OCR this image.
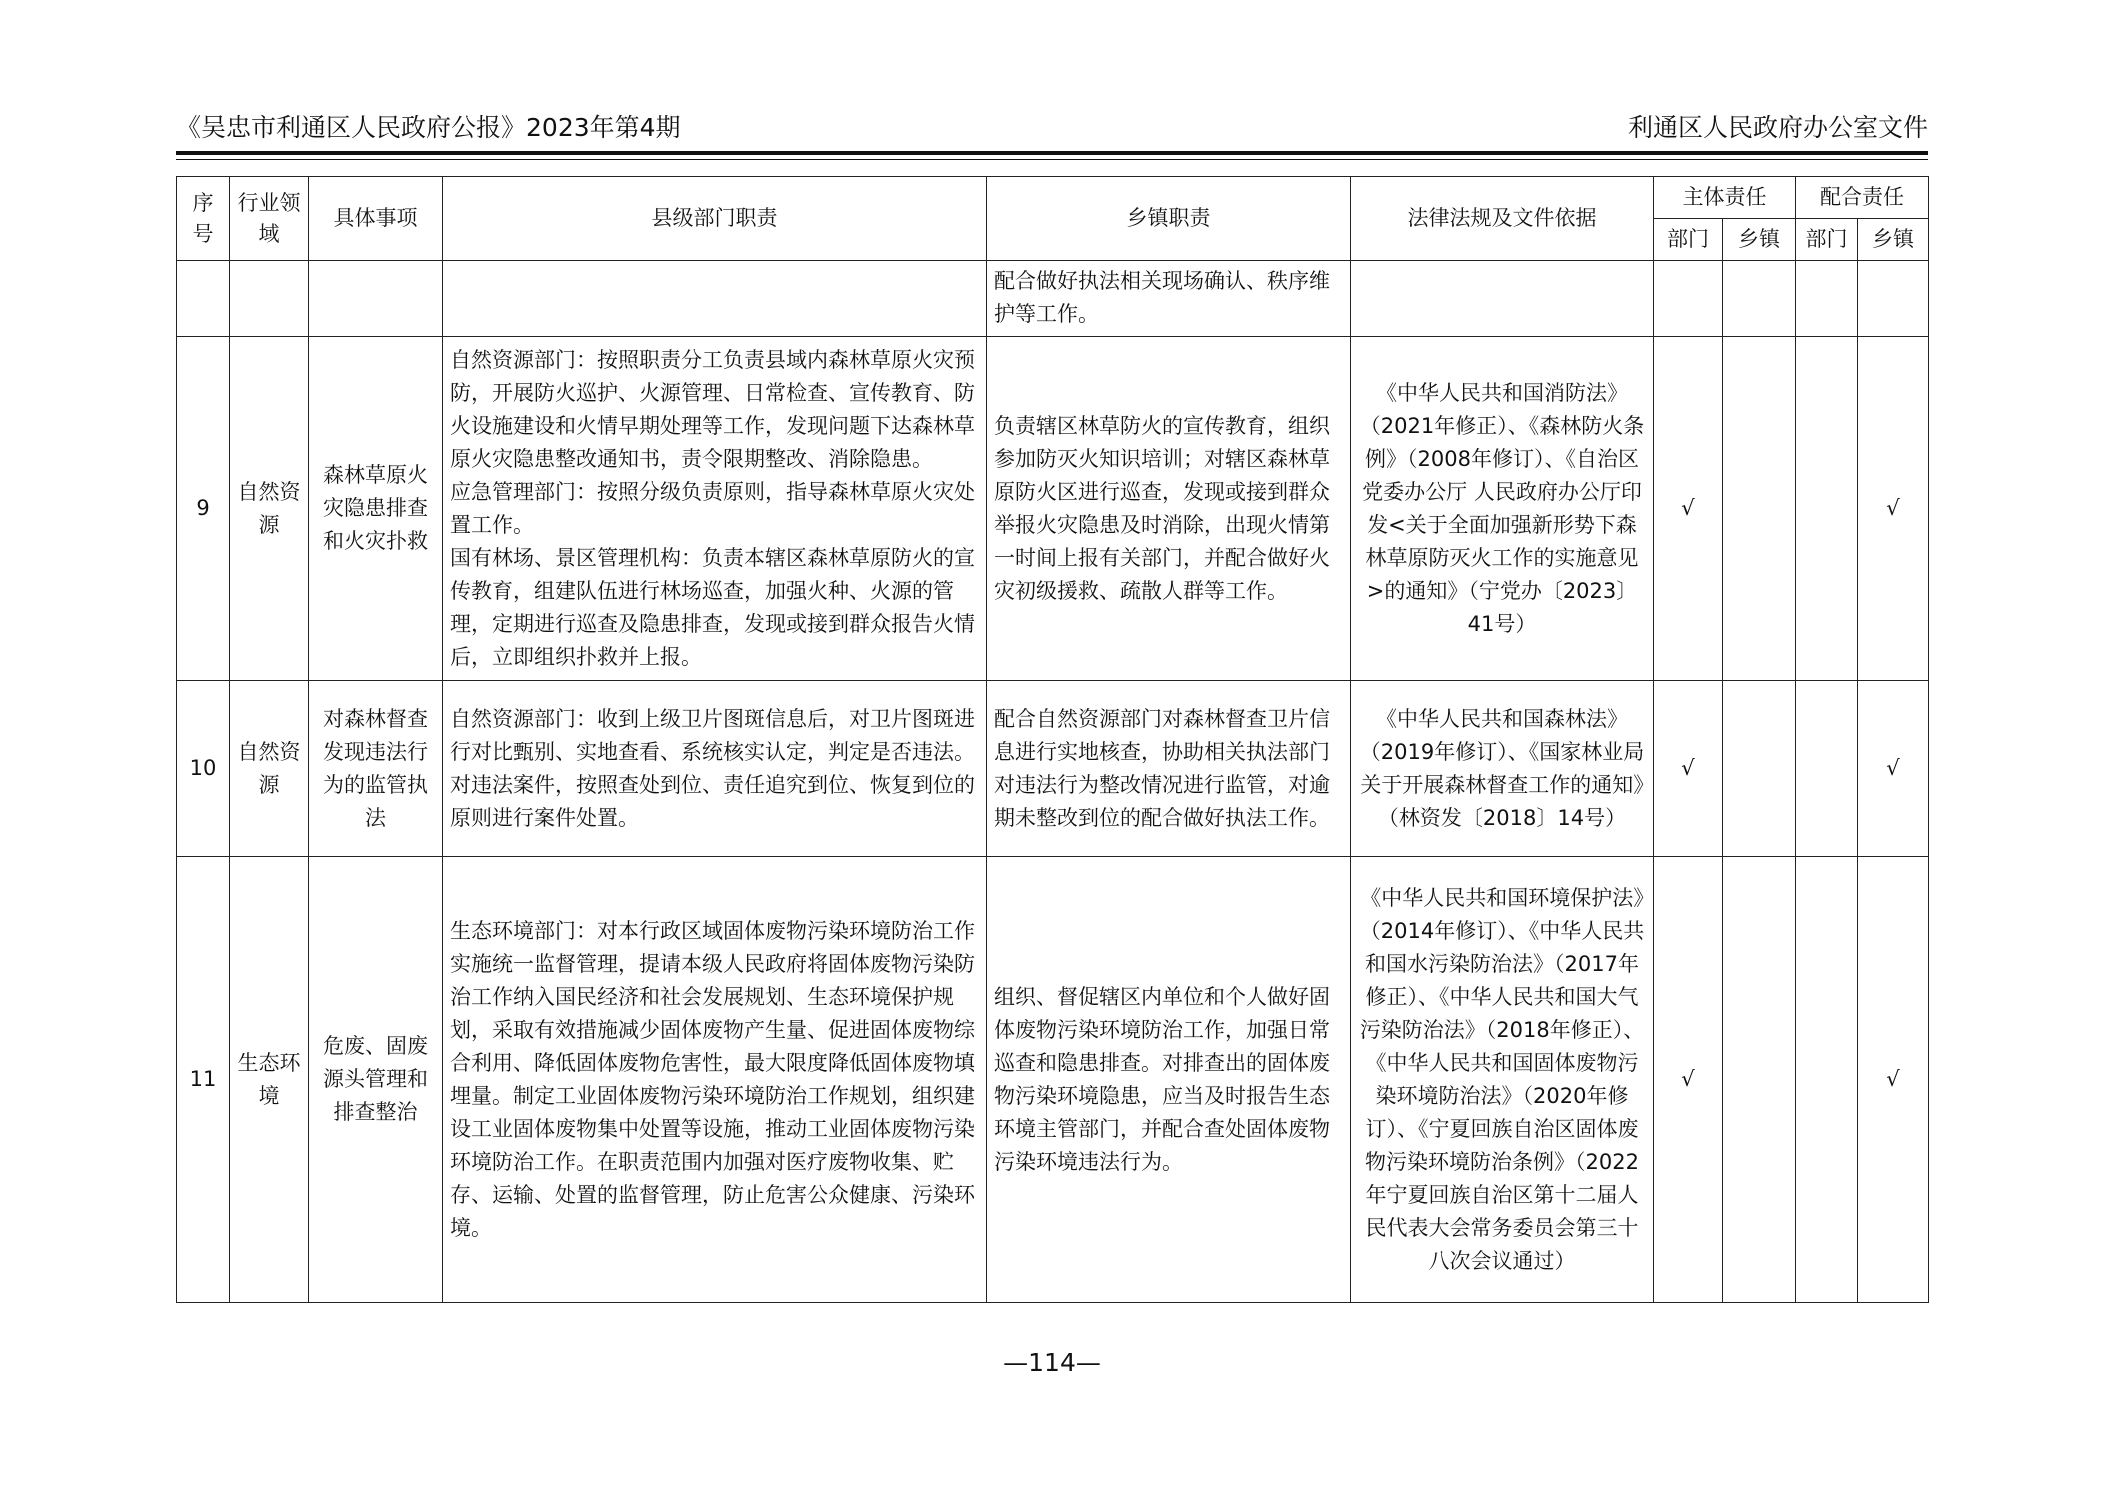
《吴忠市利通区人民政府公报》2023年第4期	利通区人民政府办公室文件
序号	行业领域	具体事项	县级部门职责	乡镇职责	法律法规及文件依据	主体责任		配合责任	
						部门	乡镇	部门	乡镇

				配合做好执法相关现场确认、秩序维护等工作。					

9	自然资源	森林草原火灾隐患排查和火灾扑救	自然资源部门：按照职责分工负责县域内森林草原火灾预防，开展防火巡护、火源管理、日常检查、宣传教育、防火设施建设和火情早期处理等工作，发现问题下达森林草原火灾隐患整改通知书，责令限期整改、消除隐患。
应急管理部门：按照分级负责原则，指导森林草原火灾处置工作。
国有林场、景区管理机构：负责本辖区森林草原防火的宣传教育，组建队伍进行林场巡查，加强火种、火源的管理，定期进行巡查及隐患排查，发现或接到群众报告火情后，立即组织扑救并上报。	负责辖区林草防火的宣传教育，组织参加防灭火知识培训；对辖区森林草原防火区进行巡查，发现或接到群众举报火灾隐患及时消除，出现火情第一时间上报有关部门，并配合做好火灾初级援救、疏散人群等工作。	《中华人民共和国消防法》（2021年修正）、《森林防火条例》（2008年修订）、《自治区党委办公厅 人民政府办公厅印发<关于全面加强新形势下森林草原防灭火工作的实施意见>的通知》（宁党办〔2023〕41号）	√			√
10	自然资源	对森林督查发现违法行为的监管执法	自然资源部门：收到上级卫片图斑信息后，对卫片图斑进行对比甄别、实地查看、系统核实认定，判定是否违法。对违法案件，按照查处到位、责任追究到位、恢复到位的原则进行案件处置。	配合自然资源部门对森林督查卫片信息进行实地核查，协助相关执法部门对违法行为整改情况进行监管，对逾期未整改到位的配合做好执法工作。	《中华人民共和国森林法》（2019年修订）、《国家林业局关于开展森林督查工作的通知》（林资发〔2018〕14号）	√			√
11	生态环境	危废、固废源头管理和排查整治	生态环境部门：对本行政区域固体废物污染环境防治工作实施统一监督管理，提请本级人民政府将固体废物污染防治工作纳入国民经济和社会发展规划、生态环境保护规划，采取有效措施减少固体废物产生量、促进固体废物综合利用、降低固体废物危害性，最大限度降低固体废物填埋量。制定工业固体废物污染环境防治工作规划，组织建设工业固体废物集中处置等设施，推动工业固体废物污染环境防治工作。在职责范围内加强对医疗废物收集、贮存、运输、处置的监督管理，防止危害公众健康、污染环境。	组织、督促辖区内单位和个人做好固体废物污染环境防治工作，加强日常巡查和隐患排查。对排查出的固体废物污染环境隐患，应当及时报告生态环境主管部门，并配合查处固体废物污染环境违法行为。	《中华人民共和国环境保护法》（2014年修订）、《中华人民共和国水污染防治法》（2017年修正）、《中华人民共和国大气污染防治法》（2018年修正）、《中华人民共和国固体废物污染环境防治法》（2020年修订）、《宁夏回族自治区固体废物污染环境防治条例》（2022年宁夏回族自治区第十二届人民代表大会常务委员会第三十八次会议通过）	√			√
—114—
